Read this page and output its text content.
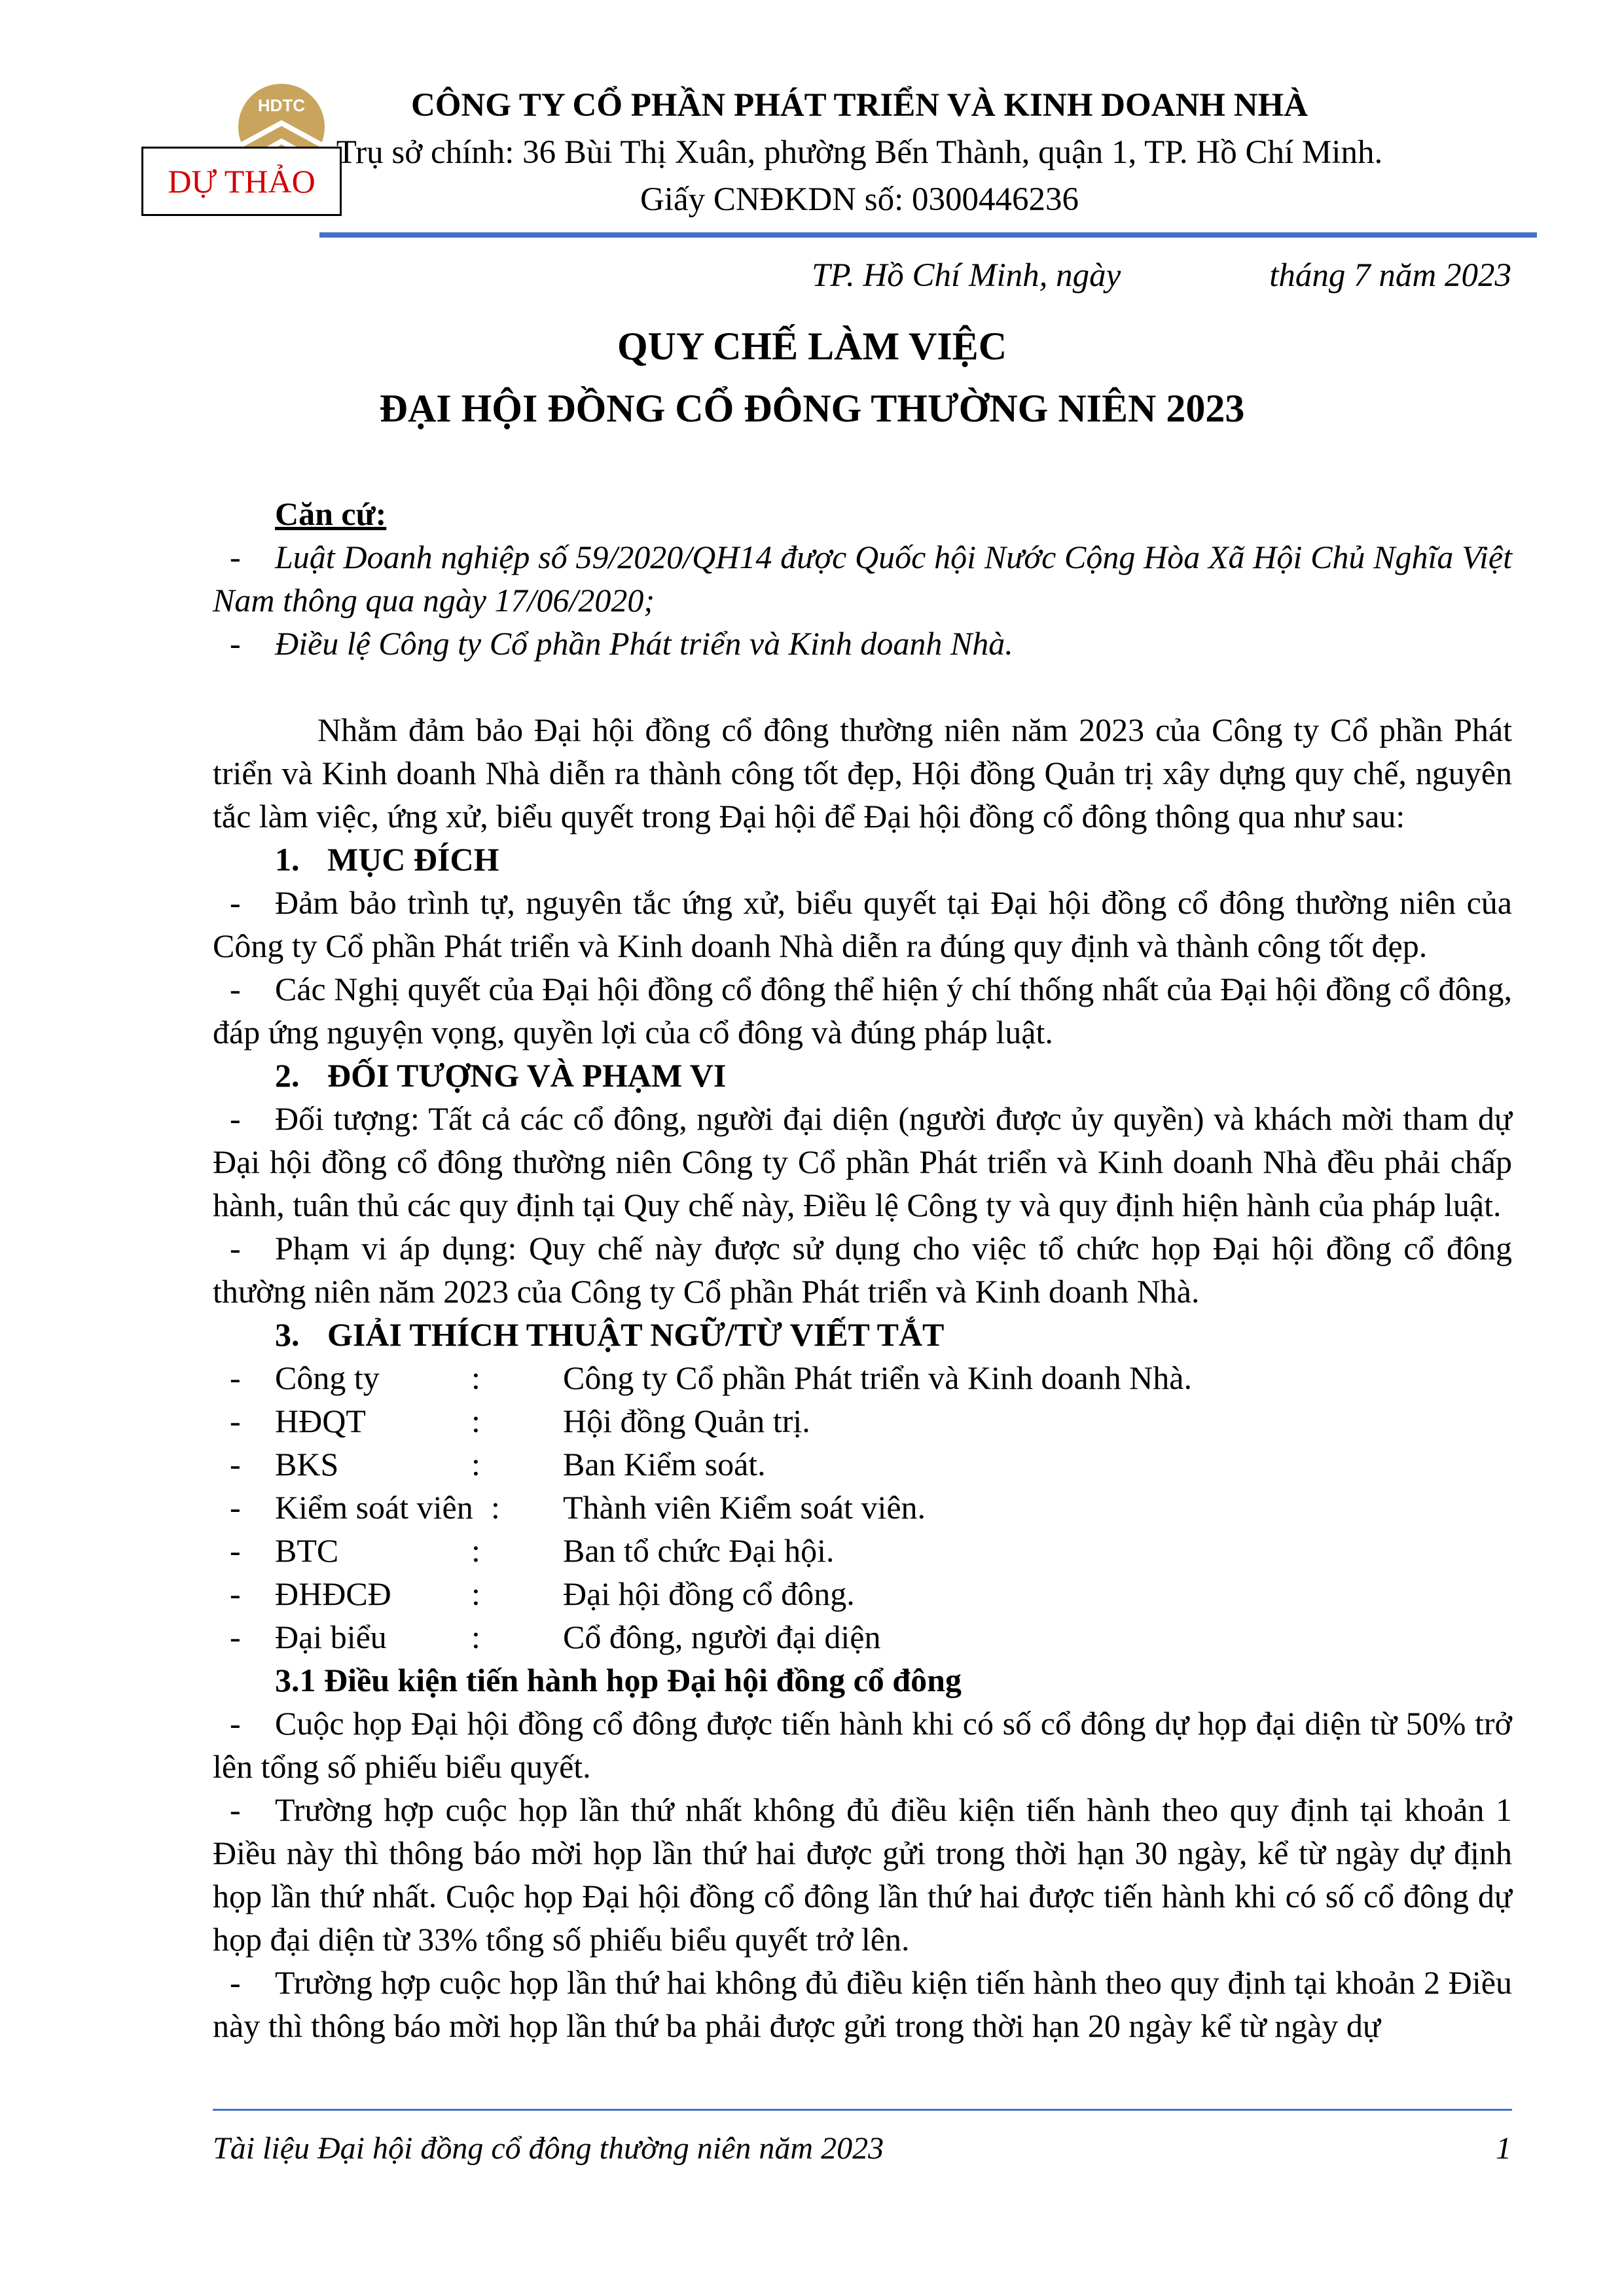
HDTC
DỰ THẢO
CÔNG TY CỔ PHẦN PHÁT TRIỂN VÀ KINH DOANH NHÀ
Trụ sở chính: 36 Bùi Thị Xuân, phường Bến Thành, quận 1, TP. Hồ Chí Minh.
Giấy CNĐKDN số: 0300446236
TP. Hồ Chí Minh, ngày	tháng 7 năm 2023
QUY CHẾ LÀM VIỆC
ĐẠI HỘI ĐỒNG CỔ ĐÔNG THƯỜNG NIÊN 2023

Căn cứ:

- Luật Doanh nghiệp số 59/2020/QH14 được Quốc hội Nước Cộng Hòa Xã Hội Chủ Nghĩa Việt Nam thông qua ngày 17/06/2020;

- Điều lệ Công ty Cổ phần Phát triển và Kinh doanh Nhà.

Nhằm đảm bảo Đại hội đồng cổ đông thường niên năm 2023 của Công ty Cổ phần Phát triển và Kinh doanh Nhà diễn ra thành công tốt đẹp, Hội đồng Quản trị xây dựng quy chế, nguyên tắc làm việc, ứng xử, biểu quyết trong Đại hội để Đại hội đồng cổ đông thông qua như sau:

1. MỤC ĐÍCH

- Đảm bảo trình tự, nguyên tắc ứng xử, biểu quyết tại Đại hội đồng cổ đông thường niên của Công ty Cổ phần Phát triển và Kinh doanh Nhà diễn ra đúng quy định và thành công tốt đẹp.

- Các Nghị quyết của Đại hội đồng cổ đông thể hiện ý chí thống nhất của Đại hội đồng cổ đông, đáp ứng nguyện vọng, quyền lợi của cổ đông và đúng pháp luật.

2. ĐỐI TƯỢNG VÀ PHẠM VI

- Đối tượng: Tất cả các cổ đông, người đại diện (người được ủy quyền) và khách mời tham dự Đại hội đồng cổ đông thường niên Công ty Cổ phần Phát triển và Kinh doanh Nhà đều phải chấp hành, tuân thủ các quy định tại Quy chế này, Điều lệ Công ty và quy định hiện hành của pháp luật.

- Phạm vi áp dụng: Quy chế này được sử dụng cho việc tổ chức họp Đại hội đồng cổ đông thường niên năm 2023 của Công ty Cổ phần Phát triển và Kinh doanh Nhà.

3. GIẢI THÍCH THUẬT NGỮ/TỪ VIẾT TẮT

-	Công ty	:	Công ty Cổ phần Phát triển và Kinh doanh Nhà.
-	HĐQT	:	Hội đồng Quản trị.
-	BKS	:	Ban Kiểm soát.
-	Kiểm soát viên :	Thành viên Kiểm soát viên.
-	BTC	:	Ban tổ chức Đại hội.
-	ĐHĐCĐ	:	Đại hội đồng cổ đông.
-	Đại biểu	:	Cổ đông, người đại diện

3.1 Điều kiện tiến hành họp Đại hội đồng cổ đông

- Cuộc họp Đại hội đồng cổ đông được tiến hành khi có số cổ đông dự họp đại diện từ 50% trở lên tổng số phiếu biểu quyết.

- Trường hợp cuộc họp lần thứ nhất không đủ điều kiện tiến hành theo quy định tại khoản 1 Điều này thì thông báo mời họp lần thứ hai được gửi trong thời hạn 30 ngày, kể từ ngày dự định họp lần thứ nhất. Cuộc họp Đại hội đồng cổ đông lần thứ hai được tiến hành khi có số cổ đông dự họp đại diện từ 33% tổng số phiếu biểu quyết trở lên.

- Trường hợp cuộc họp lần thứ hai không đủ điều kiện tiến hành theo quy định tại khoản 2 Điều này thì thông báo mời họp lần thứ ba phải được gửi trong thời hạn 20 ngày kể từ ngày dự

Tài liệu Đại hội đồng cổ đông thường niên năm 2023	1
